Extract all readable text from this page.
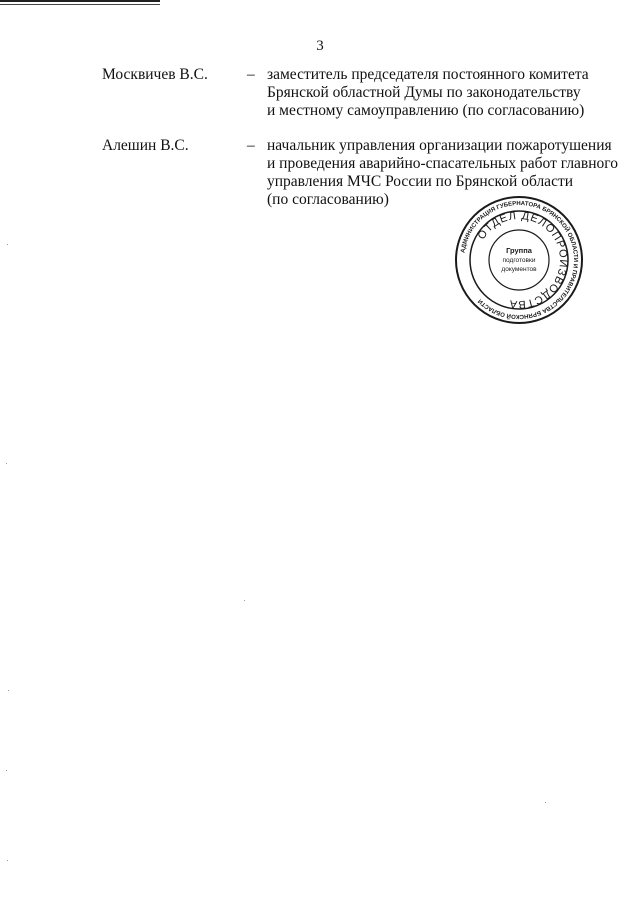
3
Москвичев В.С.	– заместитель председателя постоянного комитета
Брянской областной Думы по законодательству
и местному самоуправлению (по согласованию)
Алешин В.С.	– начальник управления организации пожаротушения
и проведения аварийно-спасательных работ главного
управления МЧС России по Брянской области
(по согласованию)
АДМИНИСТРАЦИЯ ГУБЕРНАТОРА БРЯНСКОЙ ОБЛАСТИ И ПРАВИТЕЛЬСТВА БРЯНСКОЙ ОБЛАСТИ
ОТДЕЛ ДЕЛОПРОИЗВОДСТВА
Группа
подготовки
документов
